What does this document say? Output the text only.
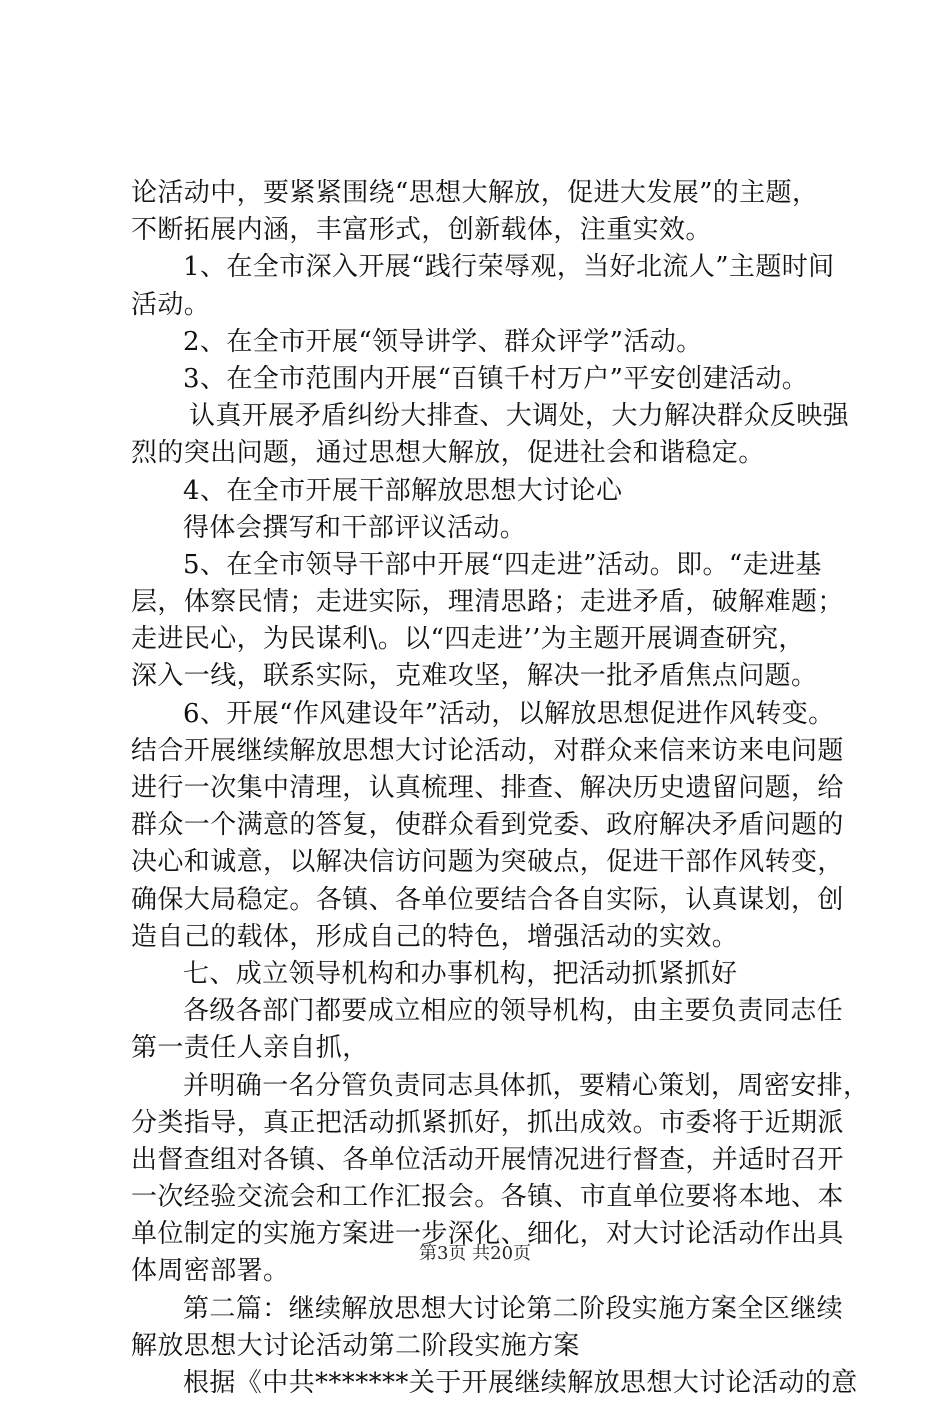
论活动中，要紧紧围绕“思想大解放，促进大发展”的主题，
不断拓展内涵，丰富形式，创新载体，注重实效。
1、在全市深入开展“践行荣辱观，当好北流人”主题时间
活动。
2、在全市开展“领导讲学、群众评学”活动。
3、在全市范围内开展“百镇千村万户”平安创建活动。
认真开展矛盾纠纷大排查、大调处，大力解决群众反映强
烈的突出问题，通过思想大解放，促进社会和谐稳定。
4、在全市开展干部解放思想大讨论心
得体会撰写和干部评议活动。
5、在全市领导干部中开展“四走进”活动。即。“走进基
层，体察民情；走进实际，理清思路；走进矛盾，破解难题；
走进民心，为民谋利\。以“四走进’’为主题开展调查研究，
深入一线，联系实际，克难攻坚，解决一批矛盾焦点问题。
6、开展“作风建设年”活动，以解放思想促进作风转变。
结合开展继续解放思想大讨论活动，对群众来信来访来电问题
进行一次集中清理，认真梳理、排查、解决历史遗留问题，给
群众一个满意的答复，使群众看到党委、政府解决矛盾问题的
决心和诚意，以解决信访问题为突破点，促进干部作风转变，
确保大局稳定。各镇、各单位要结合各自实际，认真谋划，创
造自己的载体，形成自己的特色，增强活动的实效。
七、成立领导机构和办事机构，把活动抓紧抓好
各级各部门都要成立相应的领导机构，由主要负责同志任
第一责任人亲自抓，
并明确一名分管负责同志具体抓，要精心策划，周密安排，
分类指导，真正把活动抓紧抓好，抓出成效。市委将于近期派
出督查组对各镇、各单位活动开展情况进行督查，并适时召开
一次经验交流会和工作汇报会。各镇、市直单位要将本地、本
单位制定的实施方案进一步深化、细化，对大讨论活动作出具
体周密部署。
第二篇：继续解放思想大讨论第二阶段实施方案全区继续
解放思想大讨论活动第二阶段实施方案
根据《中共*******关于开展继续解放思想大讨论活动的意
第3页 共20页
